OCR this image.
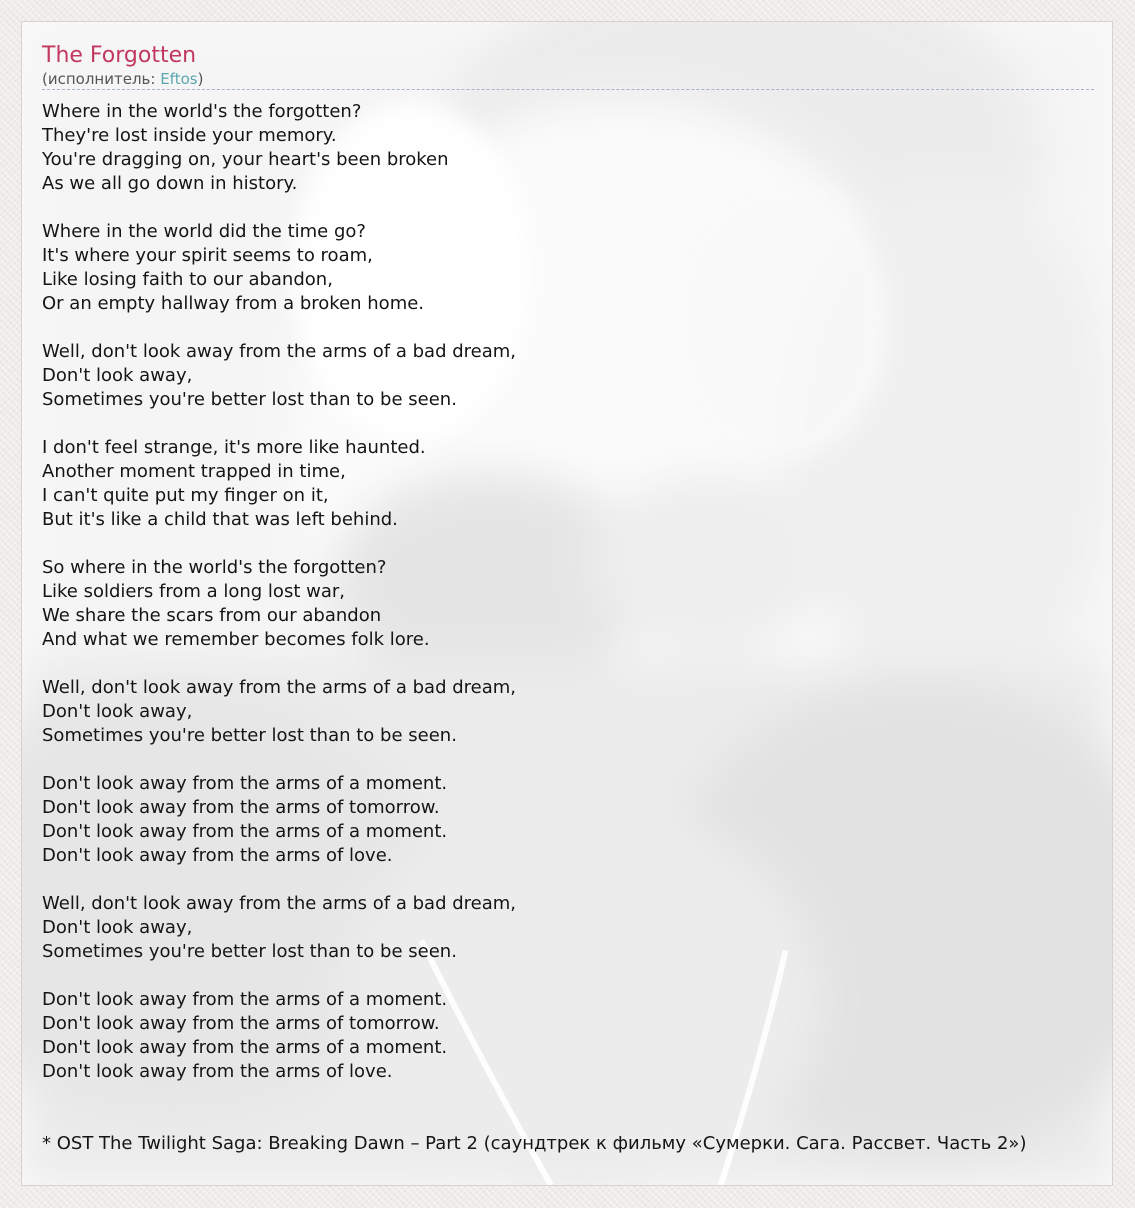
The Forgotten
(исполнитель: Eftos)
Where in the world's the forgotten?
They're lost inside your memory.
You're dragging on, your heart's been broken
As we all go down in history.
Where in the world did the time go?
It's where your spirit seems to roam,
Like losing faith to our abandon,
Or an empty hallway from a broken home.
Well, don't look away from the arms of a bad dream,
Don't look away,
Sometimes you're better lost than to be seen.
I don't feel strange, it's more like haunted.
Another moment trapped in time,
I can't quite put my finger on it,
But it's like a child that was left behind.
So where in the world's the forgotten?
Like soldiers from a long lost war,
We share the scars from our abandon
And what we remember becomes folk lore.
Well, don't look away from the arms of a bad dream,
Don't look away,
Sometimes you're better lost than to be seen.
Don't look away from the arms of a moment.
Don't look away from the arms of tomorrow.
Don't look away from the arms of a moment.
Don't look away from the arms of love.
Well, don't look away from the arms of a bad dream,
Don't look away,
Sometimes you're better lost than to be seen.
Don't look away from the arms of a moment.
Don't look away from the arms of tomorrow.
Don't look away from the arms of a moment.
Don't look away from the arms of love.
* OST The Twilight Saga: Breaking Dawn – Part 2 (саундтрек к фильму «Сумерки. Сага. Рассвет. Часть 2»)
